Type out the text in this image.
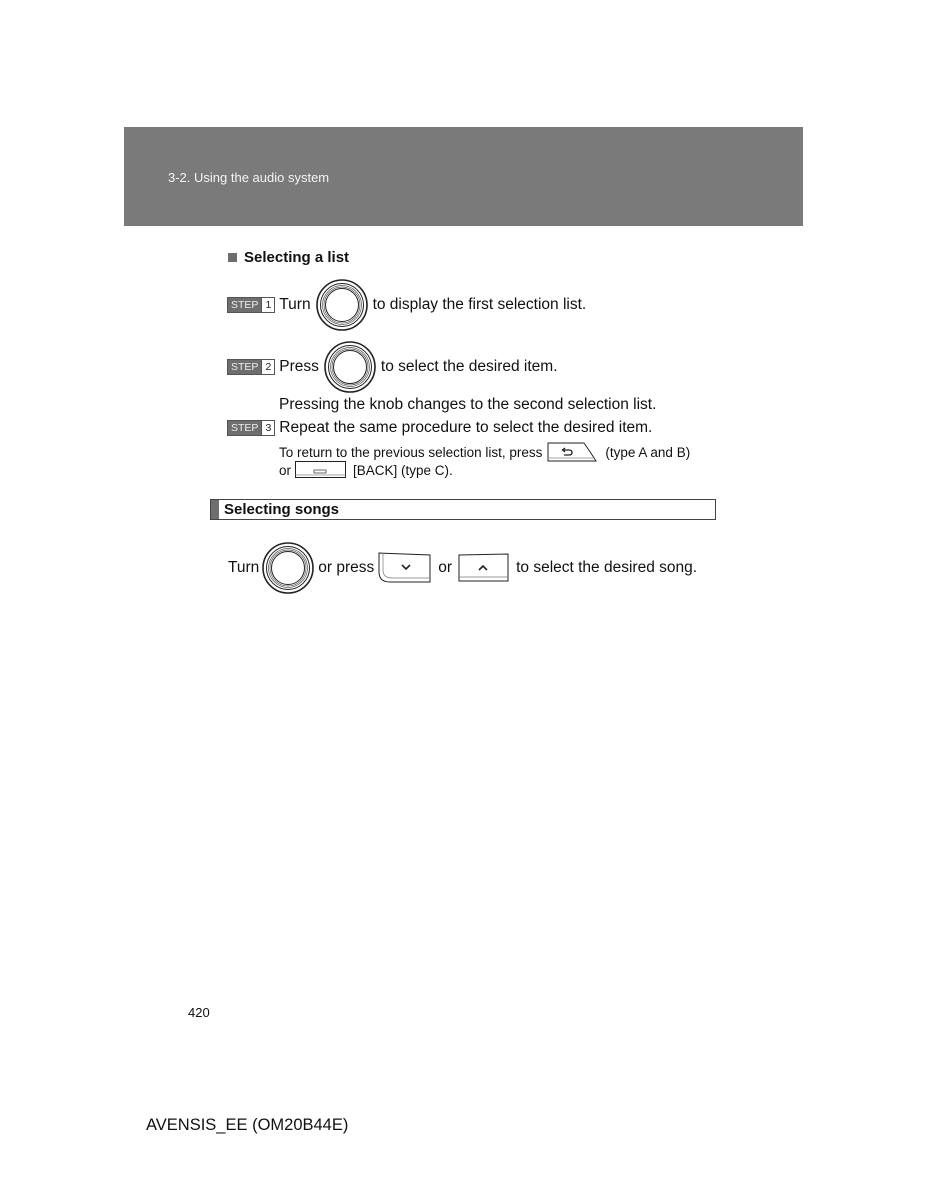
3-2. Using the audio system
Selecting a list
STEP 1 Turn	to display the first selection list.
STEP 2 Press	to select the desired item.
Pressing the knob changes to the second selection list.
STEP 3 Repeat the same procedure to select the desired item.
To return to the previous selection list, press	(type A and B)
or	[BACK] (type C).
Selecting songs
Turn	or press	or	to select the desired song.
420
AVENSIS_EE (OM20B44E)
